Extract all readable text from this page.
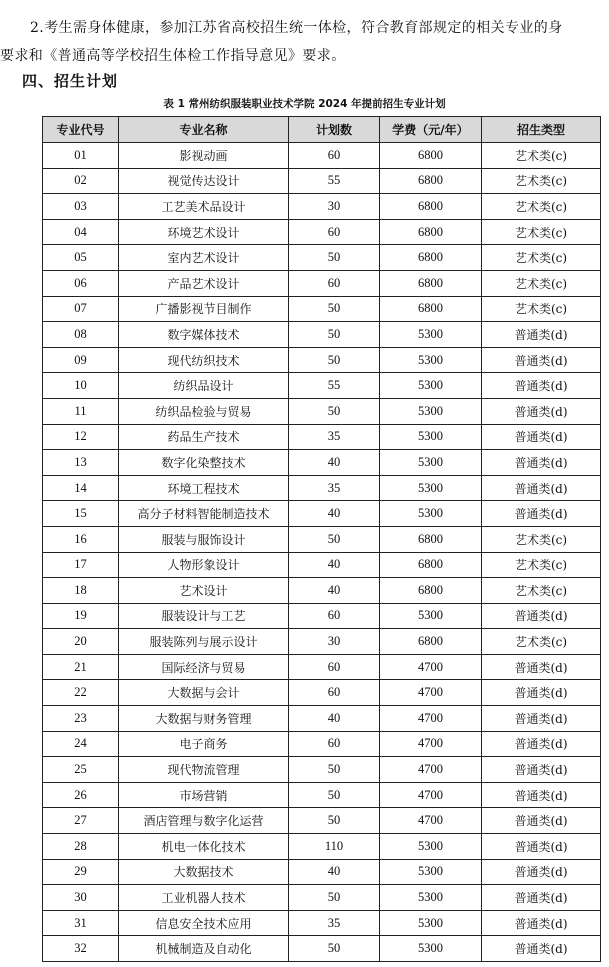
2.考生需身体健康，参加江苏省高校招生统一体检，符合教育部规定的相关专业的身
要求和《普通高等学校招生体检工作指导意见》要求。
四、招生计划
表 1 常州纺织服装职业技术学院 2024 年提前招生专业计划
专业代号	专业名称	计划数	学费（元/年）	招生类型
01	影视动画	60	6800	艺术类(c)
02	视觉传达设计	55	6800	艺术类(c)
03	工艺美术品设计	30	6800	艺术类(c)
04	环境艺术设计	60	6800	艺术类(c)
05	室内艺术设计	50	6800	艺术类(c)
06	产品艺术设计	60	6800	艺术类(c)
07	广播影视节目制作	50	6800	艺术类(c)
08	数字媒体技术	50	5300	普通类(d)
09	现代纺织技术	50	5300	普通类(d)
10	纺织品设计	55	5300	普通类(d)
11	纺织品检验与贸易	50	5300	普通类(d)
12	药品生产技术	35	5300	普通类(d)
13	数字化染整技术	40	5300	普通类(d)
14	环境工程技术	35	5300	普通类(d)
15	高分子材料智能制造技术	40	5300	普通类(d)
16	服装与服饰设计	50	6800	艺术类(c)
17	人物形象设计	40	6800	艺术类(c)
18	艺术设计	40	6800	艺术类(c)
19	服装设计与工艺	60	5300	普通类(d)
20	服装陈列与展示设计	30	6800	艺术类(c)
21	国际经济与贸易	60	4700	普通类(d)
22	大数据与会计	60	4700	普通类(d)
23	大数据与财务管理	40	4700	普通类(d)
24	电子商务	60	4700	普通类(d)
25	现代物流管理	50	4700	普通类(d)
26	市场营销	50	4700	普通类(d)
27	酒店管理与数字化运营	50	4700	普通类(d)
28	机电一体化技术	110	5300	普通类(d)
29	大数据技术	40	5300	普通类(d)
30	工业机器人技术	50	5300	普通类(d)
31	信息安全技术应用	35	5300	普通类(d)
32	机械制造及自动化	50	5300	普通类(d)
